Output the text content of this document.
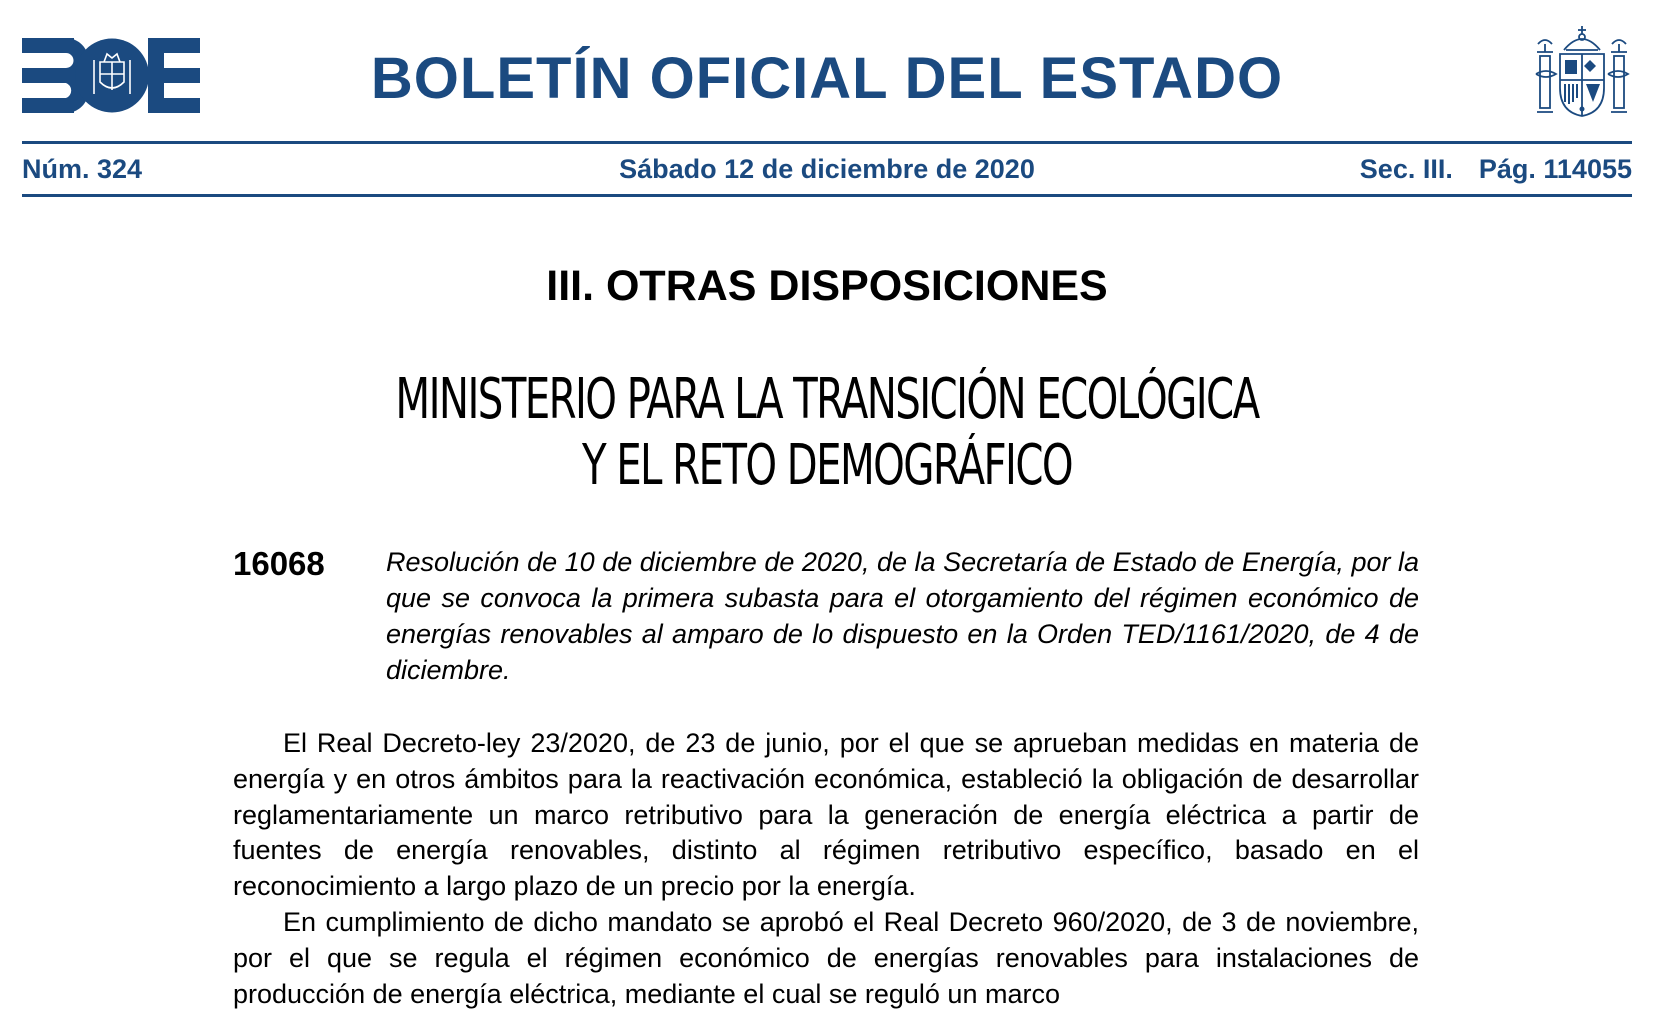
BOLETÍN OFICIAL DEL ESTADO
Sábado 12 de diciembre de 2020
Núm. 324	Sec. III. Pág. 114055
III. OTRAS DISPOSICIONES
MINISTERIO PARA LA TRANSICIÓN ECOLÓGICA
Y EL RETO DEMOGRÁFICO
16068 Resolución de 10 de diciembre de 2020, de la Secretaría de Estado de Energía, por la que se convoca la primera subasta para el otorgamiento del régimen económico de energías renovables al amparo de lo dispuesto en la Orden TED/1161/2020, de 4 de diciembre.

El Real Decreto-ley 23/2020, de 23 de junio, por el que se aprueban medidas en materia de energía y en otros ámbitos para la reactivación económica, estableció la obligación de desarrollar reglamentariamente un marco retributivo para la generación de energía eléctrica a partir de fuentes de energía renovables, distinto al régimen retributivo específico, basado en el reconocimiento a largo plazo de un precio por la energía.

En cumplimiento de dicho mandato se aprobó el Real Decreto 960/2020, de 3 de noviembre, por el que se regula el régimen económico de energías renovables para instalaciones de producción de energía eléctrica, mediante el cual se reguló un marco
